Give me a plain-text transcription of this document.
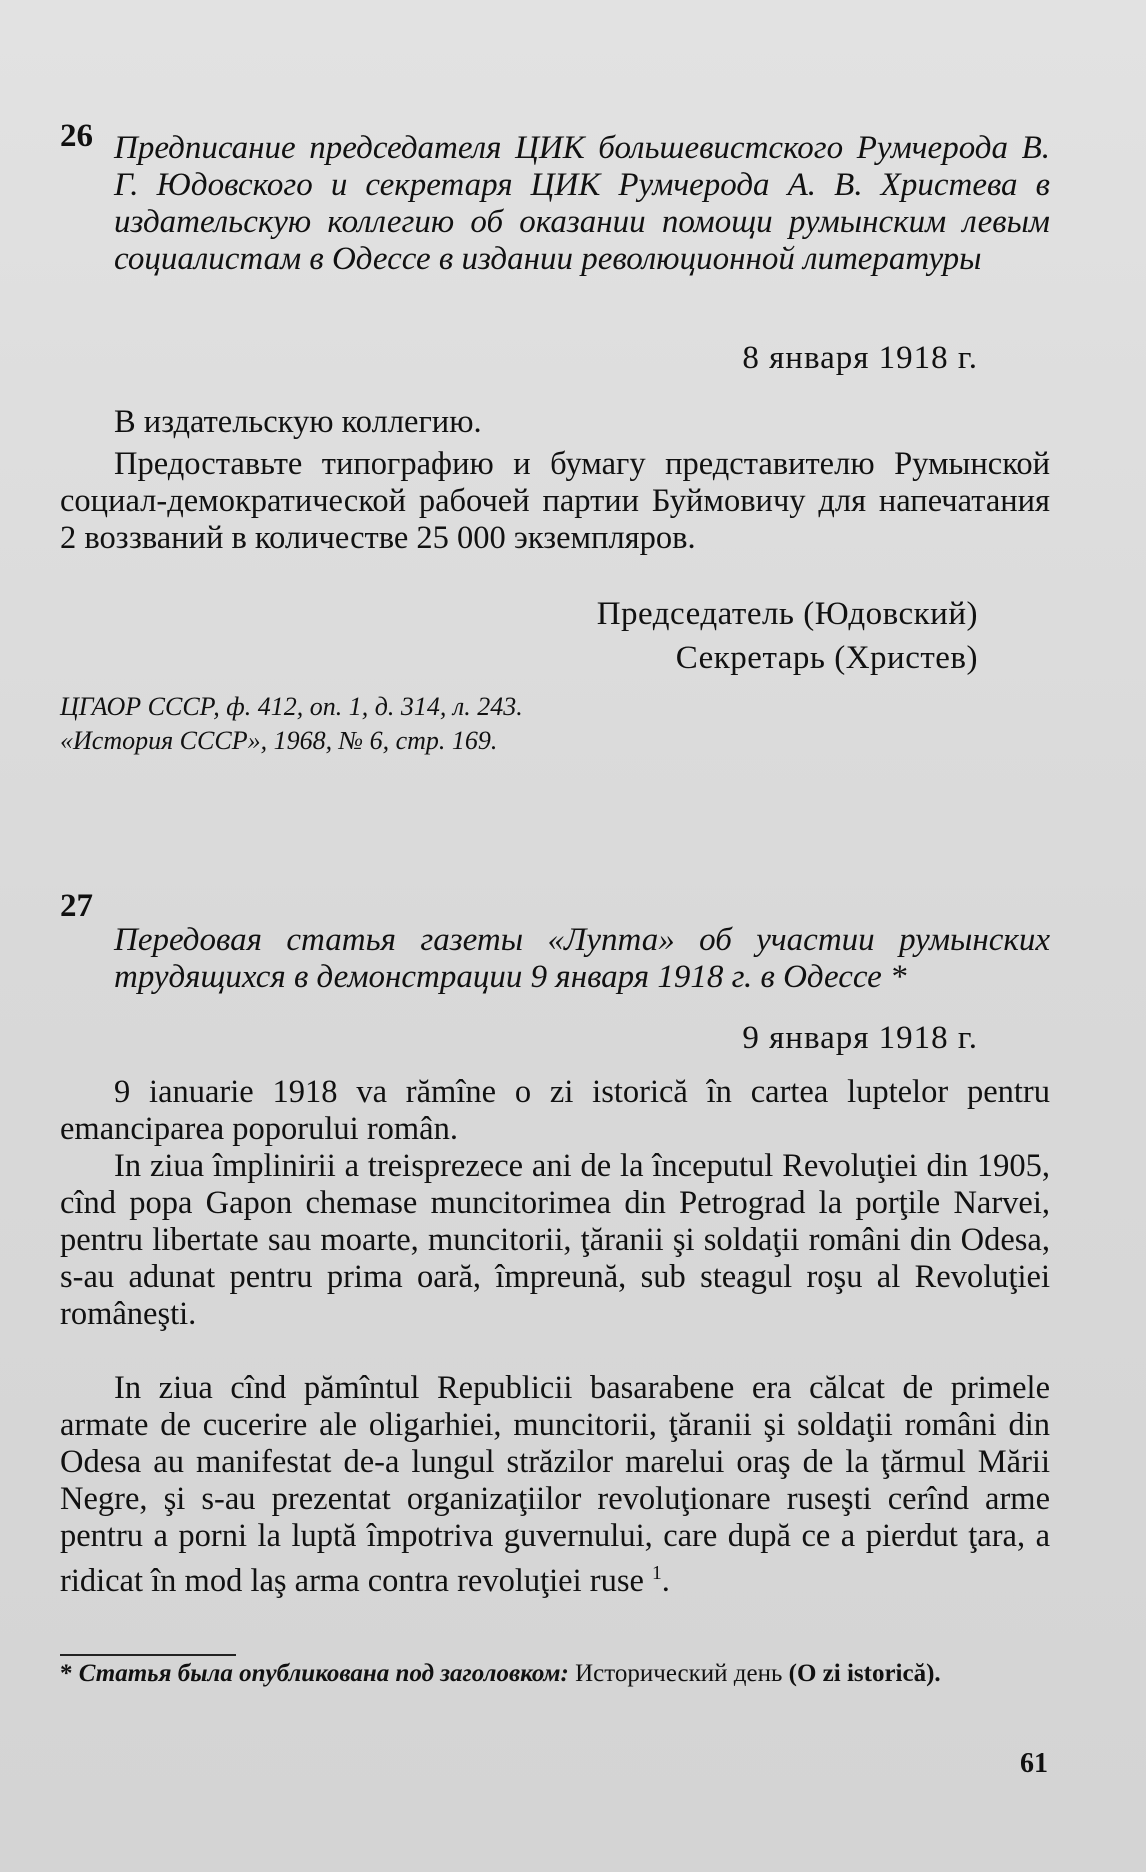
26 Предписание председателя ЦИК большевистского Румчерода В. Г. Юдовского и секретаря ЦИК Румчерода А. В. Христева в издательскую коллегию об оказании помощи румынским левым социалистам в Одессе в издании революционной литературы
8 января 1918 г.
В издательскую коллегию.
Предоставьте типографию и бумагу представителю Румынской социал-демократической рабочей партии Буймовичу для напечатания 2 воззваний в количестве 25 000 экземпляров.
Председатель (Юдовский)
Секретарь (Христев)
ЦГАОР СССР, ф. 412, оп. 1, д. 314, л. 243.
«История СССР», 1968, № 6, стр. 169.
27
Передовая статья газеты «Лупта» об участии румынских трудящихся в демонстрации 9 января 1918 г. в Одессе *
9 января 1918 г.
9 ianuarie 1918 va rămîne o zi istorică în cartea luptelor pentru emanciparea poporului român.
In ziua împlinirii a treisprezece ani de la începutul Revoluţiei din 1905, cînd popa Gapon chemase muncitorimea din Petrograd la porţile Narvei, pentru libertate sau moarte, muncitorii, ţăranii şi soldaţii români din Odesa, s-au adunat pentru prima oară, împreună, sub steagul roşu al Revoluţiei româneşti.
In ziua cînd pămîntul Republicii basarabene era călcat de primele armate de cucerire ale oligarhiei, muncitorii, ţăranii şi soldaţii români din Odesa au manifestat de-a lungul străzilor marelui oraş de la ţărmul Mării Negre, şi s-au prezentat organizaţiilor revoluţionare ruseşti cerînd arme pentru a porni la luptă împotriva guvernului, care după ce a pierdut ţara, a ridicat în mod laş arma contra revoluţiei ruse $^1$.
* Статья была опубликована под заголовком: Исторический день (O zi istorică).
61
